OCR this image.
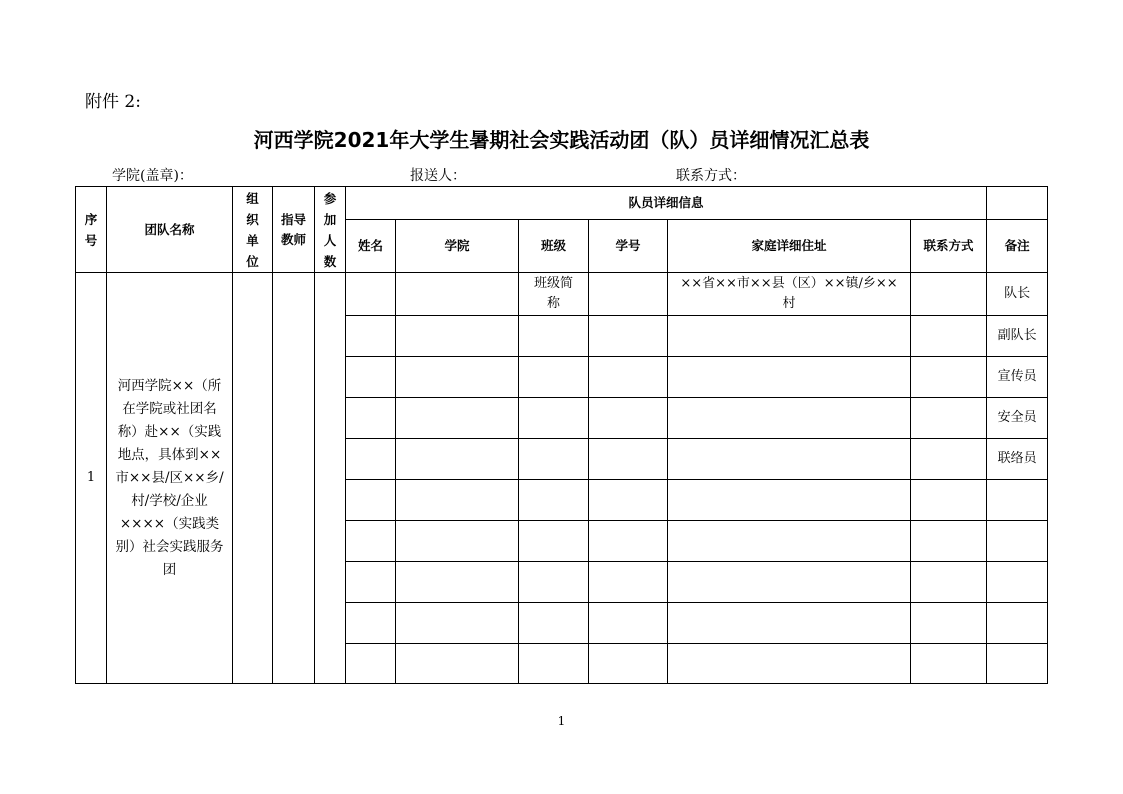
附件 2:
河西学院2021年大学生暑期社会实践活动团（队）员详细情况汇总表
学院(盖章)：	报送人：	联系方式：
序号	团队名称	组织单位	指导教师	参加人数	队员详细信息						
					姓名	学院	班级	学号	家庭详细住址	联系方式	备注
1	河西学院××（所在学院或社团名称）赴××（实践地点，具体到××市××县/区××乡/村/学校/企业××××（实践类别）社会实践服务团						班级简称		××省××市××县（区）××镇/乡××村		队长
											副队长
											宣传员
											安全员
											联络员

1
